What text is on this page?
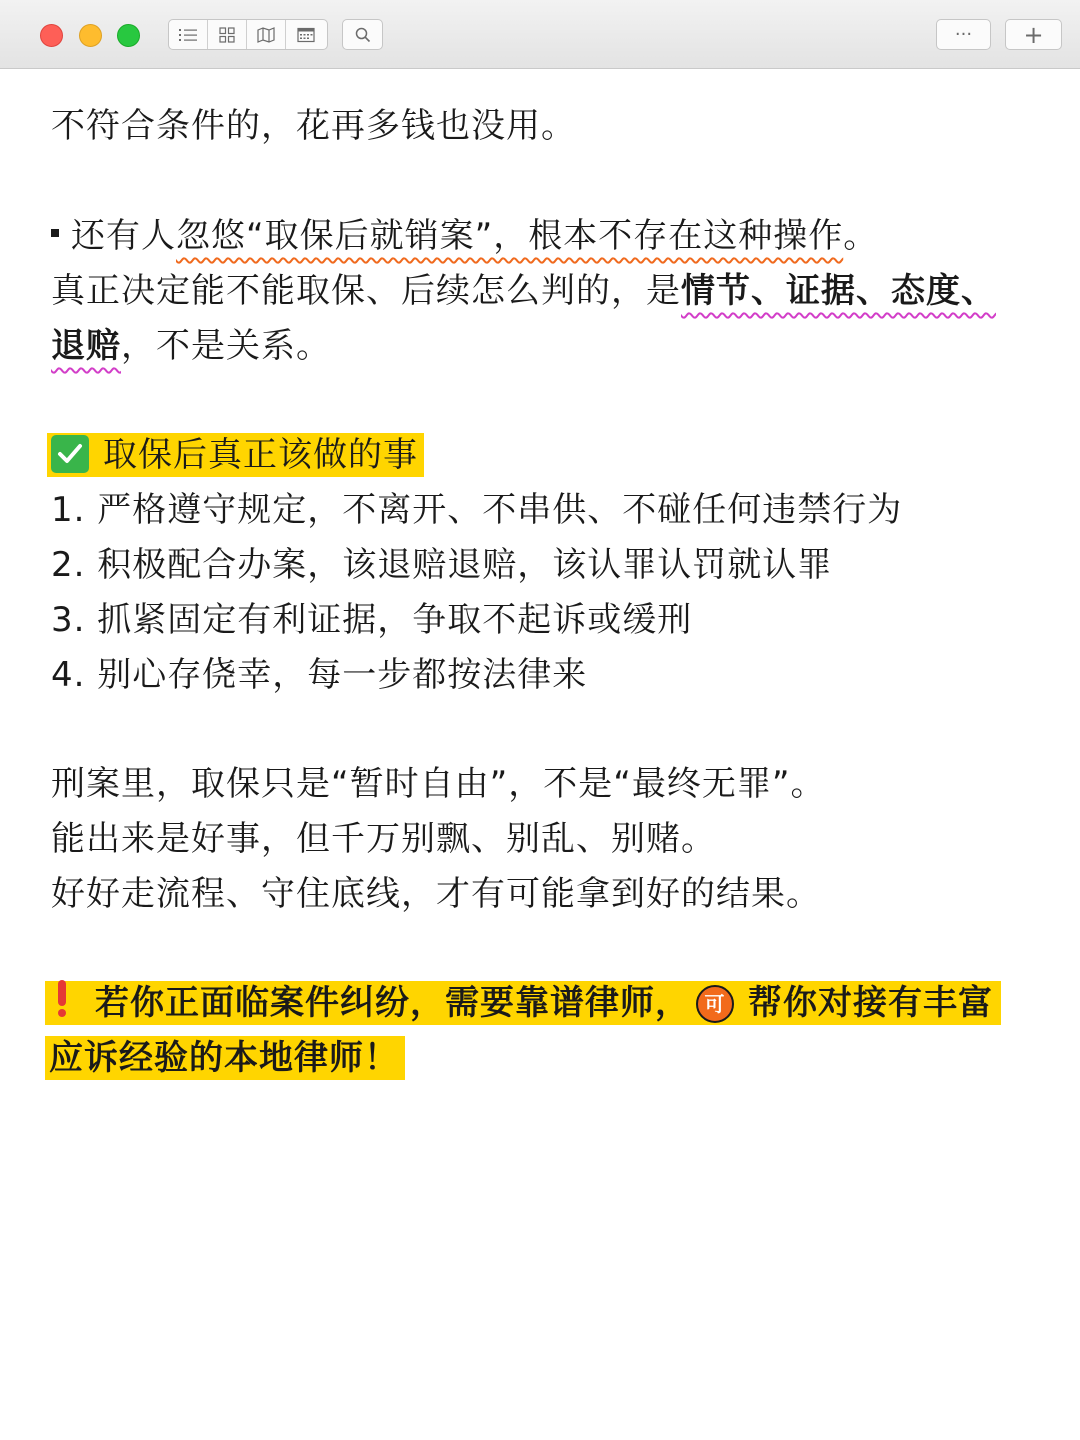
··· +
不符合条件的，花再多钱也没用。
还有人忽悠“取保后就销案”，根本不存在这种操作。
真正决定能不能取保、后续怎么判的，是情节、证据、态度、
退赔，不是关系。
取保后真正该做的事
1. 严格遵守规定，不离开、不串供、不碰任何违禁行为
2. 积极配合办案，该退赔退赔，该认罪认罚就认罪
3. 抓紧固定有利证据，争取不起诉或缓刑
4. 别心存侥幸，每一步都按法律来
刑案里，取保只是“暂时自由”，不是“最终无罪”。
能出来是好事，但千万别飘、别乱、别赌。
好好走流程、守住底线，才有可能拿到好的结果。
若你正面临案件纠纷，需要靠谱律师， 可 帮你对接有丰富
应诉经验的本地律师！
